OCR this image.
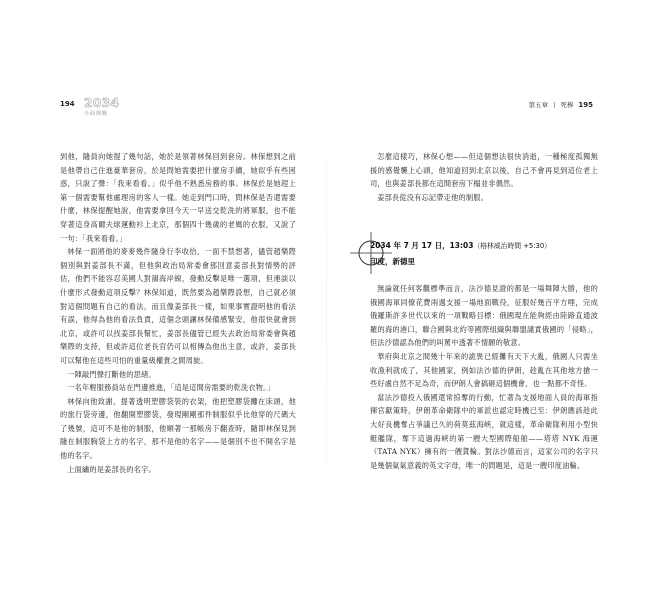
194 2034
全面開戰
第五章 | 死棒 195

到他，隨員向她提了幾句話，她於是領著林保回到套房。林保想到之前是他帶自己住進豪華套房，於是問她需要把什麼房手續，她似乎有些困惑，只說了聲：「我來看看。」似乎他不熟悉房務的事。林保於是她趕上第一個需要幫他處理房的客人一樣。她走到門口時，問林保是否還需要什麼，林保提醒她說，他需要拿回今天一早送交乾洗的將軍服，也不能穿著這身高爾夫球運動衫上北京，那個四十幾歲的老媽的衣服，又說了一句：「我來看看。」

林保一面將他的麥麥幾件隨身行李收拾，一面不禁想著，儘管趙樂際個別與對姜部長不滿，但他與政治局常委會那回意姜部長對情勢的評估，他們不能容忍美國人對韻海岸線，發動反擊是唯一選項，但連談以什麼形式發動這項反擊？林保知道，既然要為趙樂際設想，自己就必須對這個問題有自己的看法，而且像姜部長一樣，如果事實證明他的看法有誤，他得為他的看法負責，這個念頭讓林保備感緊安，他很快就會到北京，或許可以找姜部長幫忙，姜部長儘管已經失去政治局常委會與趙樂際的支持，但或許這位老長官仍可以相傳為他出主意，或許，姜部長可以幫他在這些可怕的重量級權貴之間周旋。

一陣敲門聲打斷他的思緒。

一名年輕服務員站在門邊推進，「這是這間房需要的乾洗衣物。」

林保向他致謝，提著透明塑膠袋裝的衣架，他把塑膠袋攤在床頭，他的旅行袋旁邊，他翻開塑膠袋，發現剛剛那件制服似乎比他穿的尺碼大了幾號，這可不是他的制服，他順著一那帳房下翻查時，隨即林保見到隨在制服胸袋上方的名字，那不是他的名字——是個別不也不開名字是他的名字。

上面繡的是姜部長的名字。

怎麼這樣巧，林保心想——但這個想法很快消逝，一種極度孤獨無援的感覺襲上心頭，他知道回到北京以後，自己不會再見到這位老上司，也與姜部長都在這間套房下榻並非偶然。

姜部長從没有忘記帶走他的制服。

2034 年 7 月 17 日，13:03（格林威治時間 +5:30）
印度，新德里

無論就任何客觀標準而言，法沙德見證的都是一場舞陣大勝，他的俄國海軍同僚花費兩週支援一場地面戰役，征服好幾百平方哩，完成俄羅斯許多世代以來的一項戰略目標：俄國現在能夠經由陸路直通波羅的海的港口，聯合國與北約等國際組織與聯盟譴責俄國的「侵略」，但法沙德認為他們的叫罵中透著不情願的敬意。

華府與北京之間幾十年來的詭異已經攤有天下大亂，俄國人只需坐收漁利就成了，其他國家，例如法沙德的伊朗，趁亂在其他地方搶一些好處自然不足為奇，而伊朗人會搞砸這個機會，也一點都不奇怪。

當法沙德投入俄國還常掠奪的行動，忙著為支援地面人員的海軍指揮官獻策時，伊朗革命衛隊中的軍派也認定時機已至：伊朗應該趁此大好良機奪占爭議已久的荷莫茲海峽，就這樣，革命衛隊利用小型快艇艦隊，奪下這過海峽的第一艘大型國際船舶——塔塔 NYK 海運（TATA NYK）擁有的一艘貨輪。對法沙德而言，這家公司的名字只是幾個氣氣意義的英文字母，唯一的問題是，這是一艘印度油輪。
